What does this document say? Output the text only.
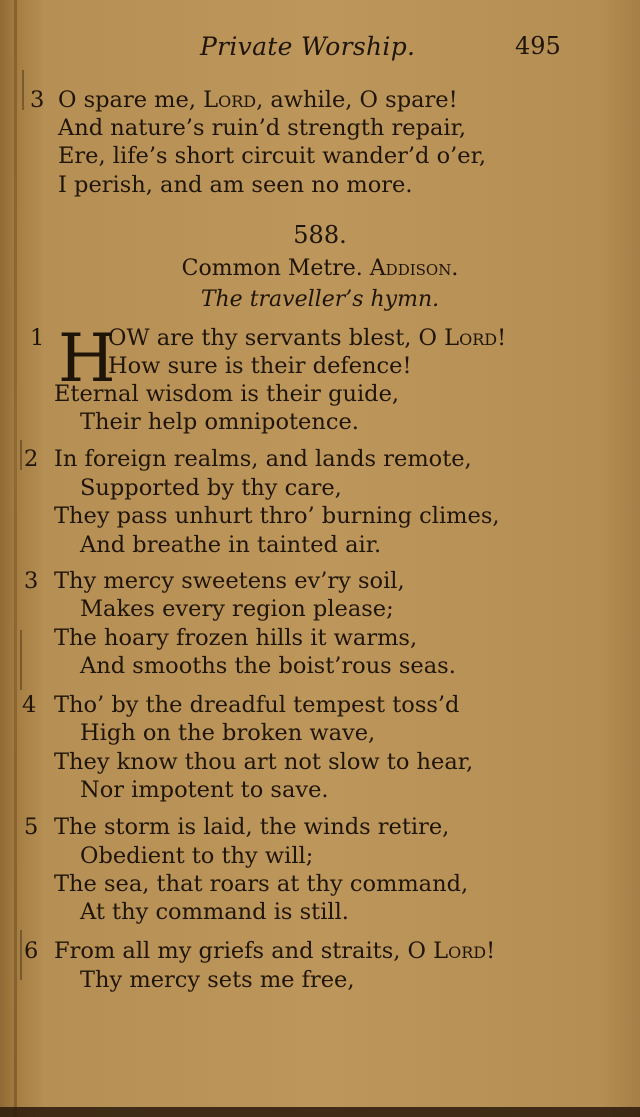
Private Worship.	495
3 O spare me, Lord, awhile, O spare!
And nature’s ruin’d strength repair,
Ere, life’s short circuit wander’d o’er,
I perish, and am seen no more.
588.
Common Metre. Addison.
The traveller’s hymn.
1 H
OW are thy servants blest, O Lord!
How sure is their defence!
Eternal wisdom is their guide,
Their help omnipotence.
2 In foreign realms, and lands remote,
Supported by thy care,
They pass unhurt thro’ burning climes,
And breathe in tainted air.
3 Thy mercy sweetens ev’ry soil,
Makes every region please;
The hoary frozen hills it warms,
And smooths the boist’rous seas.
4 Tho’ by the dreadful tempest toss’d
High on the broken wave,
They know thou art not slow to hear,
Nor impotent to save.
5 The storm is laid, the winds retire,
Obedient to thy will;
The sea, that roars at thy command,
At thy command is still.
6 From all my griefs and straits, O Lord!
Thy mercy sets me free,
